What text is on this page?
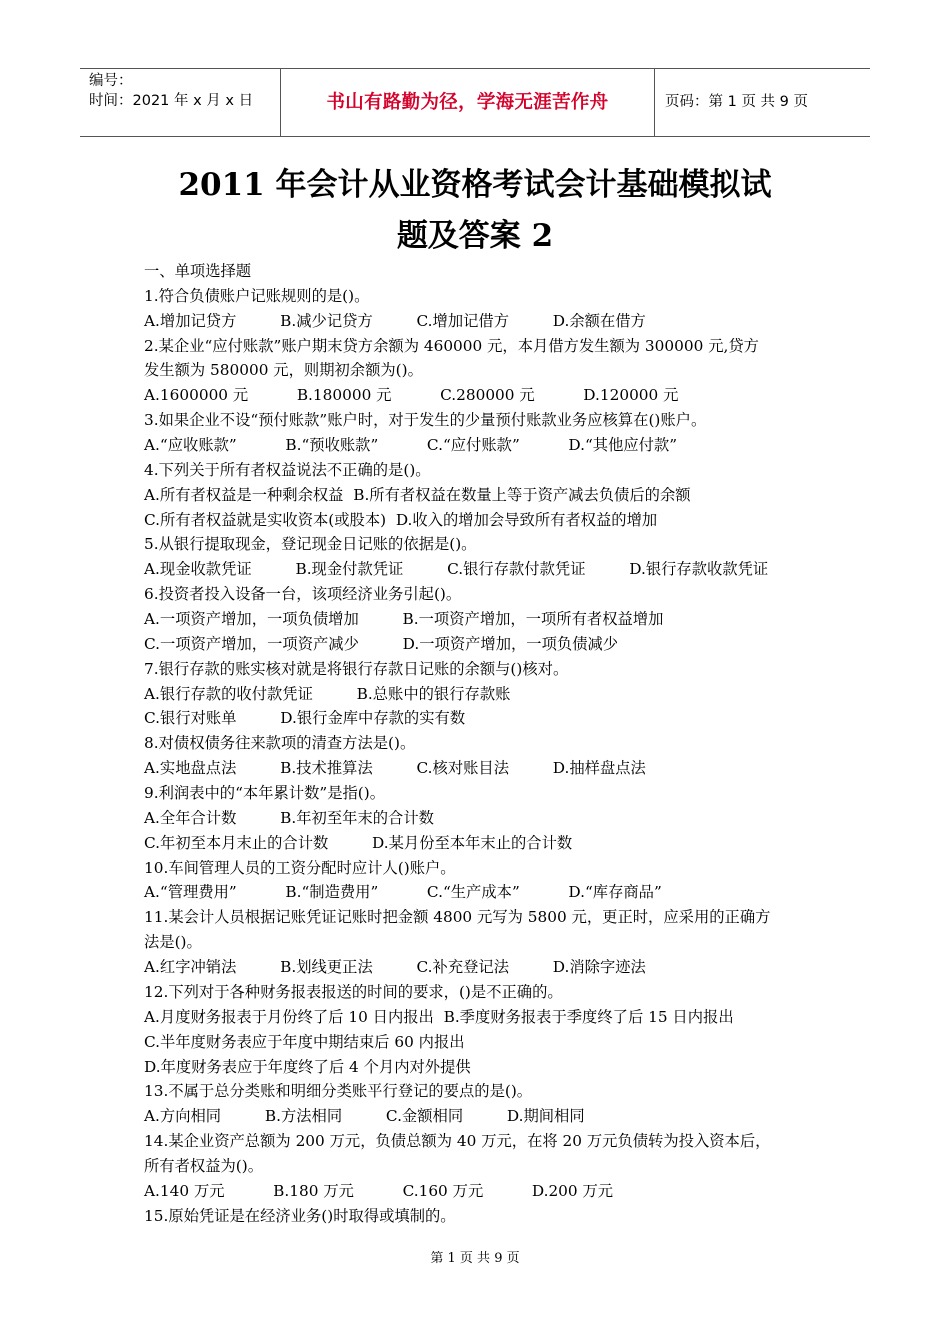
编号：
时间：2021 年 x 月 x 日	书山有路勤为径，学海无涯苦作舟	页码：第 1 页 共 9 页
2011 年会计从业资格考试会计基础模拟试
题及答案 2
一、单项选择题
1.符合负债账户记账规则的是()。
A.增加记贷方         B.减少记贷方         C.增加记借方         D.余额在借方
2.某企业“应付账款”账户期末贷方余额为 460000 元，本月借方发生额为 300000 元,贷方
发生额为 580000 元，则期初余额为()。
A.1600000 元          B.180000 元          C.280000 元          D.120000 元
3.如果企业不设“预付账款”账户时，对于发生的少量预付账款业务应核算在()账户。
A.“应收账款”          B.“预收账款”          C.“应付账款”          D.“其他应付款”
4.下列关于所有者权益说法不正确的是()。
A.所有者权益是一种剩余权益  B.所有者权益在数量上等于资产减去负债后的余额
C.所有者权益就是实收资本(或股本)  D.收入的增加会导致所有者权益的增加
5.从银行提取现金，登记现金日记账的依据是()。
A.现金收款凭证         B.现金付款凭证         C.银行存款付款凭证         D.银行存款收款凭证
6.投资者投入设备一台，该项经济业务引起()。
A.一项资产增加，一项负债增加         B.一项资产增加，一项所有者权益增加
C.一项资产增加，一项资产减少         D.一项资产增加，一项负债减少
7.银行存款的账实核对就是将银行存款日记账的余额与()核对。
A.银行存款的收付款凭证         B.总账中的银行存款账
C.银行对账单         D.银行金库中存款的实有数
8.对债权债务往来款项的清查方法是()。
A.实地盘点法         B.技术推算法         C.核对账目法         D.抽样盘点法
9.利润表中的“本年累计数”是指()。
A.全年合计数         B.年初至年末的合计数
C.年初至本月末止的合计数         D.某月份至本年末止的合计数
10.车间管理人员的工资分配时应计人()账户。
A.“管理费用”          B.“制造费用”          C.“生产成本”          D.“库存商品”
11.某会计人员根据记账凭证记账时把金额 4800 元写为 5800 元，更正时，应采用的正确方
法是()。
A.红字冲销法         B.划线更正法         C.补充登记法         D.消除字迹法
12.下列对于各种财务报表报送的时间的要求，()是不正确的。
A.月度财务报表于月份终了后 10 日内报出  B.季度财务报表于季度终了后 15 日内报出
C.半年度财务表应于年度中期结束后 60 内报出
D.年度财务表应于年度终了后 4 个月内对外提供
13.不属于总分类账和明细分类账平行登记的要点的是()。
A.方向相同         B.方法相同         C.金额相同         D.期间相同
14.某企业资产总额为 200 万元，负债总额为 40 万元，在将 20 万元负债转为投入资本后，
所有者权益为()。
A.140 万元          B.180 万元          C.160 万元          D.200 万元
15.原始凭证是在经济业务()时取得或填制的。
第 1 页 共 9 页
